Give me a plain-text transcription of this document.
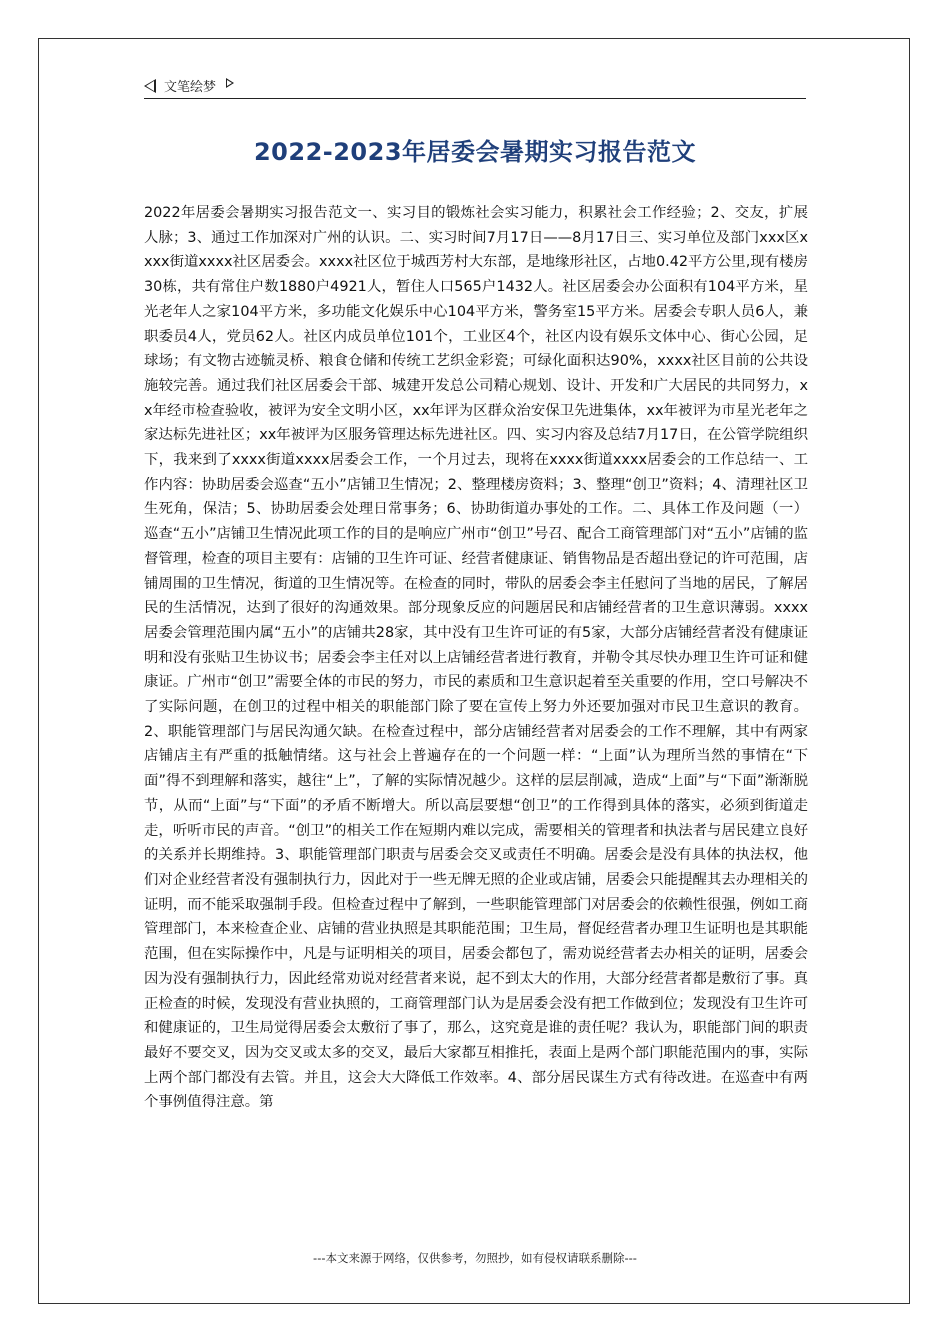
文笔绘梦
2022-2023年居委会暑期实习报告范文

2022年居委会暑期实习报告范文一、实习目的锻炼社会实习能力，积累社会工作经验；2、交友，扩展人脉；3、通过工作加深对广州的认识。二、实习时间7月17日——8月17日三、实习单位及部门xxx区xxxx街道xxxx社区居委会。xxxx社区位于城西芳村大东部，是地缘形社区，占地0.42平方公里,现有楼房30栋，共有常住户数1880户4921人，暂住人口565户1432人。社区居委会办公面积有104平方米，星光老年人之家104平方米，多功能文化娱乐中心104平方米，警务室15平方米。居委会专职人员6人，兼职委员4人，党员62人。社区内成员单位101个，工业区4个，社区内设有娱乐文体中心、街心公园，足球场；有文物古迹毓灵桥、粮食仓储和传统工艺织金彩瓷；可绿化面积达90%，xxxx社区目前的公共设施较完善。通过我们社区居委会干部、城建开发总公司精心规划、设计、开发和广大居民的共同努力，xx年经市检查验收，被评为安全文明小区，xx年评为区群众治安保卫先进集体，xx年被评为市星光老年之家达标先进社区；xx年被评为区服务管理达标先进社区。四、实习内容及总结7月17日，在公管学院组织下，我来到了xxxx街道xxxx居委会工作，一个月过去，现将在xxxx街道xxxx居委会的工作总结一、工作内容：协助居委会巡查“五小”店铺卫生情况；2、整理楼房资料；3、整理“创卫”资料；4、清理社区卫生死角，保洁；5、协助居委会处理日常事务；6、协助街道办事处的工作。二、具体工作及问题（一）巡查“五小”店铺卫生情况此项工作的目的是响应广州市“创卫”号召、配合工商管理部门对“五小”店铺的监督管理，检查的项目主要有：店铺的卫生许可证、经营者健康证、销售物品是否超出登记的许可范围，店铺周围的卫生情况，街道的卫生情况等。在检查的同时，带队的居委会李主任慰问了当地的居民，了解居民的生活情况，达到了很好的沟通效果。部分现象反应的问题居民和店铺经营者的卫生意识薄弱。xxxx居委会管理范围内属“五小”的店铺共28家，其中没有卫生许可证的有5家，大部分店铺经营者没有健康证明和没有张贴卫生协议书；居委会李主任对以上店铺经营者进行教育，并勒令其尽快办理卫生许可证和健康证。广州市“创卫”需要全体的市民的努力，市民的素质和卫生意识起着至关重要的作用，空口号解决不了实际问题，在创卫的过程中相关的职能部门除了要在宣传上努力外还要加强对市民卫生意识的教育。2、职能管理部门与居民沟通欠缺。在检查过程中，部分店铺经营者对居委会的工作不理解，其中有两家店铺店主有严重的抵触情绪。这与社会上普遍存在的一个问题一样：“上面”认为理所当然的事情在“下面”得不到理解和落实，越往“上”，了解的实际情况越少。这样的层层削减，造成“上面”与“下面”渐渐脱节，从而“上面”与“下面”的矛盾不断增大。所以高层要想“创卫”的工作得到具体的落实，必须到街道走走，听听市民的声音。“创卫”的相关工作在短期内难以完成，需要相关的管理者和执法者与居民建立良好的关系并长期维持。3、职能管理部门职责与居委会交叉或责任不明确。居委会是没有具体的执法权，他们对企业经营者没有强制执行力，因此对于一些无牌无照的企业或店铺，居委会只能提醒其去办理相关的证明，而不能采取强制手段。但检查过程中了解到，一些职能管理部门对居委会的依赖性很强，例如工商管理部门，本来检查企业、店铺的营业执照是其职能范围；卫生局，督促经营者办理卫生证明也是其职能范围，但在实际操作中，凡是与证明相关的项目，居委会都包了，需劝说经营者去办相关的证明，居委会因为没有强制执行力，因此经常劝说对经营者来说，起不到太大的作用，大部分经营者都是敷衍了事。真正检查的时候，发现没有营业执照的，工商管理部门认为是居委会没有把工作做到位；发现没有卫生许可和健康证的，卫生局觉得居委会太敷衍了事了，那么，这究竟是谁的责任呢？我认为，职能部门间的职责最好不要交叉，因为交叉或太多的交叉，最后大家都互相推托，表面上是两个部门职能范围内的事，实际上两个部门都没有去管。并且，这会大大降低工作效率。4、部分居民谋生方式有待改进。在巡查中有两个事例值得注意。第

---本文来源于网络，仅供参考，勿照抄，如有侵权请联系删除---
